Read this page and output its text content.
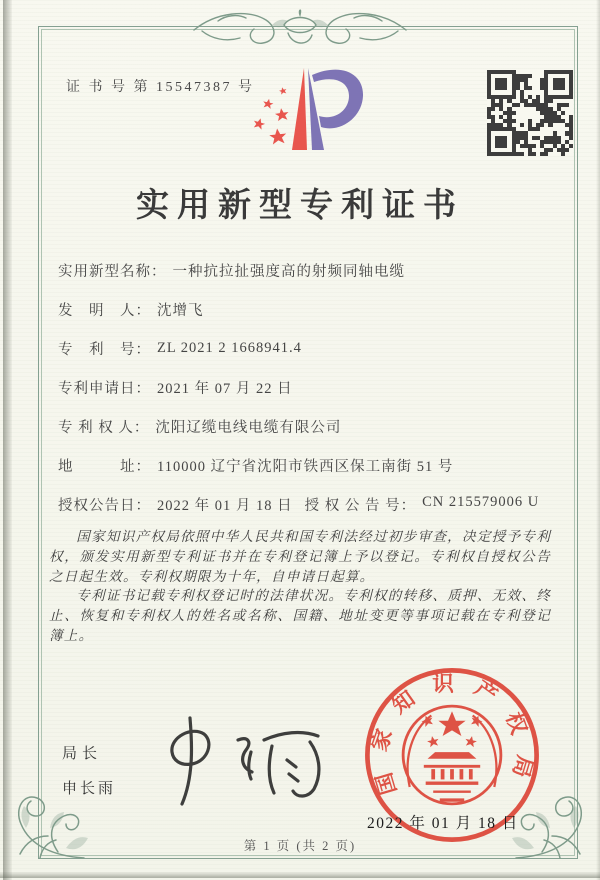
证 书 号 第 15547387 号
实用新型专利证书
实用新型名称： 一种抗拉扯强度高的射频同轴电缆
发　明　人： 沈增飞
专　利　号： ZL 2021 2 1668941.4
专利申请日： 2021 年 07 月 22 日
专 利 权 人： 沈阳辽缆电线电缆有限公司
地　　　址： 110000 辽宁省沈阳市铁西区保工南街 51 号
授权公告日： 2022 年 01 月 18 日 授 权 公 告 号： CN 215579006 U

国家知识产权局依照中华人民共和国专利法经过初步审查，决定授予专利权，颁发实用新型专利证书并在专利登记簿上予以登记。专利权自授权公告之日起生效。专利权期限为十年，自申请日起算。

专利证书记载专利权登记时的法律状况。专利权的转移、质押、无效、终止、恢复和专利权人的姓名或名称、国籍、地址变更等事项记载在专利登记簿上。

局长
申长雨	国家知识产权局
2022 年 01 月 18 日
第 1 页 (共 2 页)
